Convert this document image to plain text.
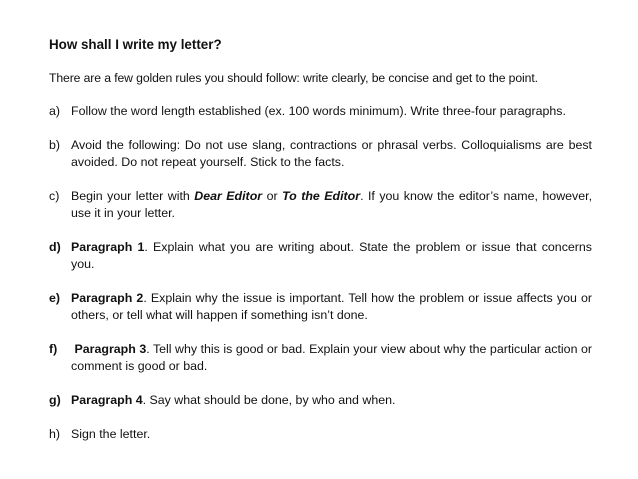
How shall I write my letter?

There are a few golden rules you should follow: write clearly, be concise and get to the point.

a) Follow the word length established (ex. 100 words minimum). Write three-four paragraphs.
b) Avoid the following: Do not use slang, contractions or phrasal verbs. Colloquialisms are best avoided. Do not repeat yourself. Stick to the facts.
c) Begin your letter with Dear Editor or To the Editor. If you know the editor’s name, however, use it in your letter.
d) Paragraph 1. Explain what you are writing about. State the problem or issue that concerns you.
e) Paragraph 2. Explain why the issue is important. Tell how the problem or issue affects you or others, or tell what will happen if something isn’t done.
f) Paragraph 3. Tell why this is good or bad. Explain your view about why the particular action or comment is good or bad.
g) Paragraph 4. Say what should be done, by who and when.
h) Sign the letter.
